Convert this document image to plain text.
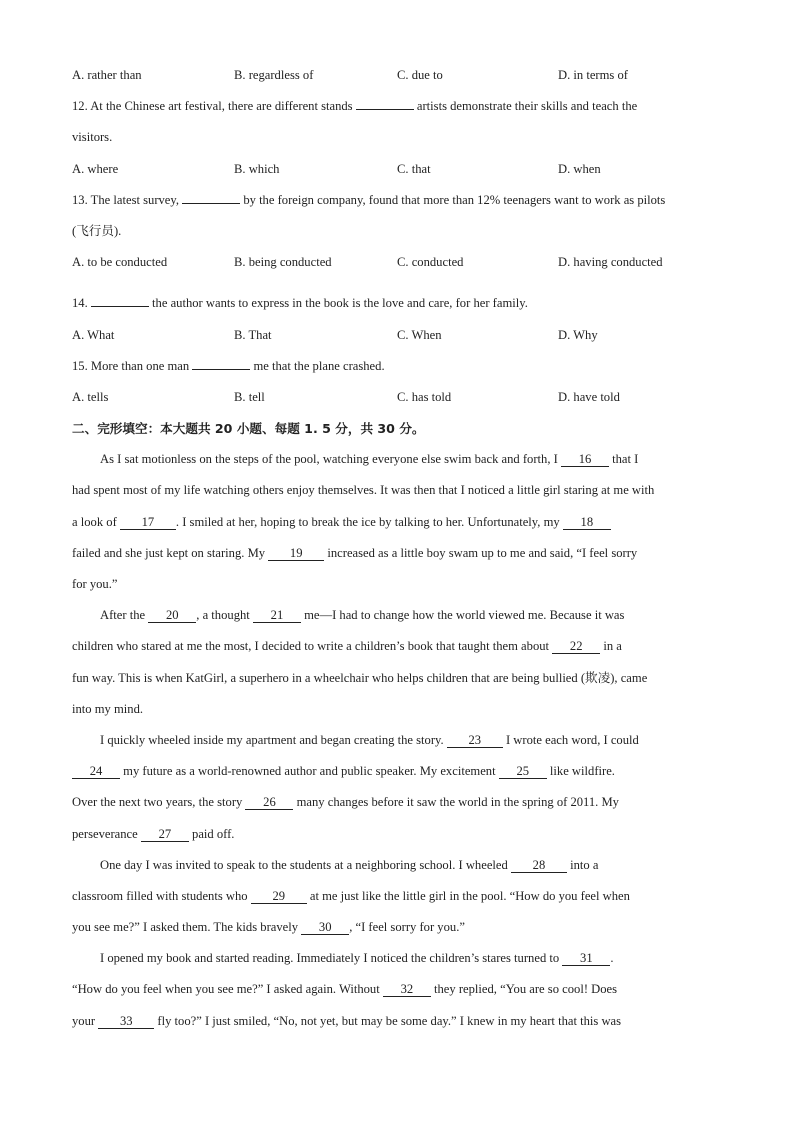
A. rather than	B. regardless of	C. due to	D. in terms of
12. At the Chinese art festival, there are different stands	artists demonstrate their skills and teach the
visitors.
A. where	B. which	C. that	D. when
13. The latest survey,	by the foreign company, found that more than 12% teenagers want to work as pilots
(飞行员).
A. to be conducted	B. being conducted	C. conducted	D. having conducted
14.	the author wants to express in the book is the love and care, for her family.
A. What	B. That	C. When	D. Why
15. More than one man	me that the plane crashed.
A. tells	B. tell	C. has told	D. have told
二、完形填空：本大题共 20 小题、每题 1. 5 分，共 30 分。
As I sat motionless on the steps of the pool, watching everyone else swim back and forth, I 16 that I
had spent most of my life watching others enjoy themselves. It was then that I noticed a little girl staring at me with
a look of 17 . I smiled at her, hoping to break the ice by talking to her. Unfortunately, my 18
failed and she just kept on staring. My 19 increased as a little boy swam up to me and said, “I feel sorry
for you.”
After the 20 , a thought 21 me—I had to change how the world viewed me. Because it was
children who stared at me the most, I decided to write a children’s book that taught them about 22 in a
fun way. This is when KatGirl, a superhero in a wheelchair who helps children that are being bullied (欺凌), came
into my mind.
I quickly wheeled inside my apartment and began creating the story. 23 I wrote each word, I could
24 my future as a world-renowned author and public speaker. My excitement 25 like wildfire.
Over the next two years, the story 26 many changes before it saw the world in the spring of 2011. My
perseverance 27 paid off.
One day I was invited to speak to the students at a neighboring school. I wheeled 28 into a
classroom filled with students who 29 at me just like the little girl in the pool. “How do you feel when
you see me?” I asked them. The kids bravely 30 , “I feel sorry for you.”
I opened my book and started reading. Immediately I noticed the children’s stares turned to 31 .
“How do you feel when you see me?” I asked again. Without 32 they replied, “You are so cool! Does
your 33 fly too?” I just smiled, “No, not yet, but may be some day.” I knew in my heart that this was
